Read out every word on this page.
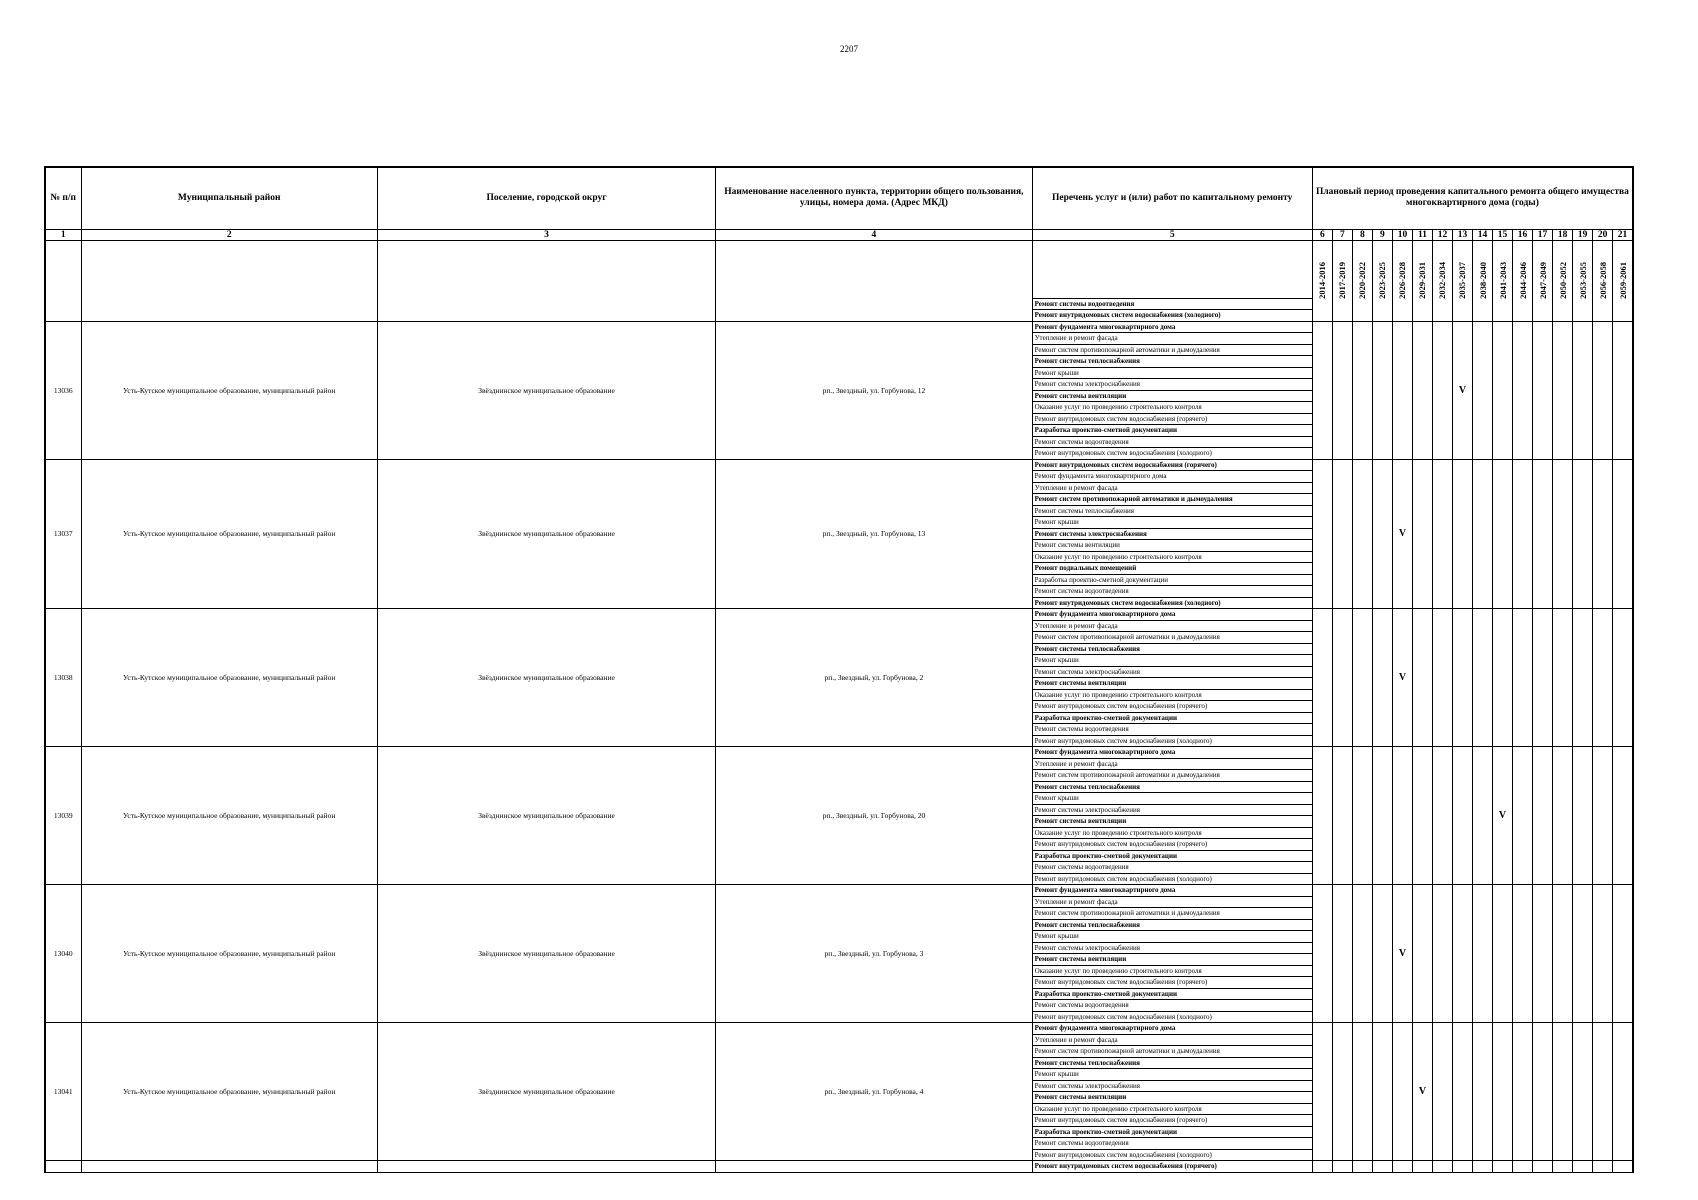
2207
№ п/п	Муниципальный район	Поселение, городской округ	Наименование населенного пункта, территории общего пользования, улицы, номера дома. (Адрес МКД)	Перечень услуг и (или) работ по капитальному ремонту	Плановый период проведения капитального ремонта общего имущества многоквартирного дома (годы)															
1	2	3	4	5	6	7	8	9	10	11	12	13	14	15	16	17	18	19	20	21

					2014-2016	2017-2019	2020-2022	2023-2025	2026-2028	2029-2031	2032-2034	2035-2037	2038-2040	2041-2043	2044-2046	2047-2049	2050-2052	2053-2055	2056-2058	2059-2061

				Ремонт системы водоотведения																
				Ремонт внутридомовых систем водоснабжения (холодного)																
13036	Усть-Кутское муниципальное образование, муниципальный район	Звёзднинское муниципальное образование	рп., Звездный, ул. Горбунова, 12	Ремонт фундамента многоквартирного дома								V								
				Утепление и ремонт фасада																
				Ремонт систем противопожарной автоматики и дымоудаления																
				Ремонт системы теплоснабжения																
				Ремонт крыши																
				Ремонт системы электроснабжения																
				Ремонт системы вентиляции																
				Оказание услуг по проведению строительного контроля																
				Ремонт внутридомовых систем водоснабжения (горячего)																
				Разработка проектно-сметной документации																
				Ремонт системы водоотведения																
				Ремонт внутридомовых систем водоснабжения (холодного)																
13037	Усть-Кутское муниципальное образование, муниципальный район	Звёзднинское муниципальное образование	рп., Звездный, ул. Горбунова, 13	Ремонт внутридомовых систем водоснабжения (горячего)					V											
				Ремонт фундамента многоквартирного дома																
				Утепление и ремонт фасада																
				Ремонт систем противопожарной автоматики и дымоудаления																
				Ремонт системы теплоснабжения																
				Ремонт крыши																
				Ремонт системы электроснабжения																
				Ремонт системы вентиляции																
				Оказание услуг по проведению строительного контроля																
				Ремонт подвальных помещений																
				Разработка проектно-сметной документации																
				Ремонт системы водоотведения																
				Ремонт внутридомовых систем водоснабжения (холодного)																
13038	Усть-Кутское муниципальное образование, муниципальный район	Звёзднинское муниципальное образование	рп., Звездный, ул. Горбунова, 2	Ремонт фундамента многоквартирного дома					V											
				Утепление и ремонт фасада																
				Ремонт систем противопожарной автоматики и дымоудаления																
				Ремонт системы теплоснабжения																
				Ремонт крыши																
				Ремонт системы электроснабжения																
				Ремонт системы вентиляции																
				Оказание услуг по проведению строительного контроля																
				Ремонт внутридомовых систем водоснабжения (горячего)																
				Разработка проектно-сметной документации																
				Ремонт системы водоотведения																
				Ремонт внутридомовых систем водоснабжения (холодного)																
13039	Усть-Кутское муниципальное образование, муниципальный район	Звёзднинское муниципальное образование	рп., Звездный, ул. Горбунова, 20	Ремонт фундамента многоквартирного дома										V						
				Утепление и ремонт фасада																
				Ремонт систем противопожарной автоматики и дымоудаления																
				Ремонт системы теплоснабжения																
				Ремонт крыши																
				Ремонт системы электроснабжения																
				Ремонт системы вентиляции																
				Оказание услуг по проведению строительного контроля																
				Ремонт внутридомовых систем водоснабжения (горячего)																
				Разработка проектно-сметной документации																
				Ремонт системы водоотведения																
				Ремонт внутридомовых систем водоснабжения (холодного)																
13040	Усть-Кутское муниципальное образование, муниципальный район	Звёзднинское муниципальное образование	рп., Звездный, ул. Горбунова, 3	Ремонт фундамента многоквартирного дома					V											
				Утепление и ремонт фасада																
				Ремонт систем противопожарной автоматики и дымоудаления																
				Ремонт системы теплоснабжения																
				Ремонт крыши																
				Ремонт системы электроснабжения																
				Ремонт системы вентиляции																
				Оказание услуг по проведению строительного контроля																
				Ремонт внутридомовых систем водоснабжения (горячего)																
				Разработка проектно-сметной документации																
				Ремонт системы водоотведения																
				Ремонт внутридомовых систем водоснабжения (холодного)																
13041	Усть-Кутское муниципальное образование, муниципальный район	Звёзднинское муниципальное образование	рп., Звездный, ул. Горбунова, 4	Ремонт фундамента многоквартирного дома						V										
				Утепление и ремонт фасада																
				Ремонт систем противопожарной автоматики и дымоудаления																
				Ремонт системы теплоснабжения																
				Ремонт крыши																
				Ремонт системы электроснабжения																
				Ремонт системы вентиляции																
				Оказание услуг по проведению строительного контроля																
				Ремонт внутридомовых систем водоснабжения (горячего)																
				Разработка проектно-сметной документации																
				Ремонт системы водоотведения																
				Ремонт внутридомовых систем водоснабжения (холодного)																
				Ремонт внутридомовых систем водоснабжения (горячего)																
